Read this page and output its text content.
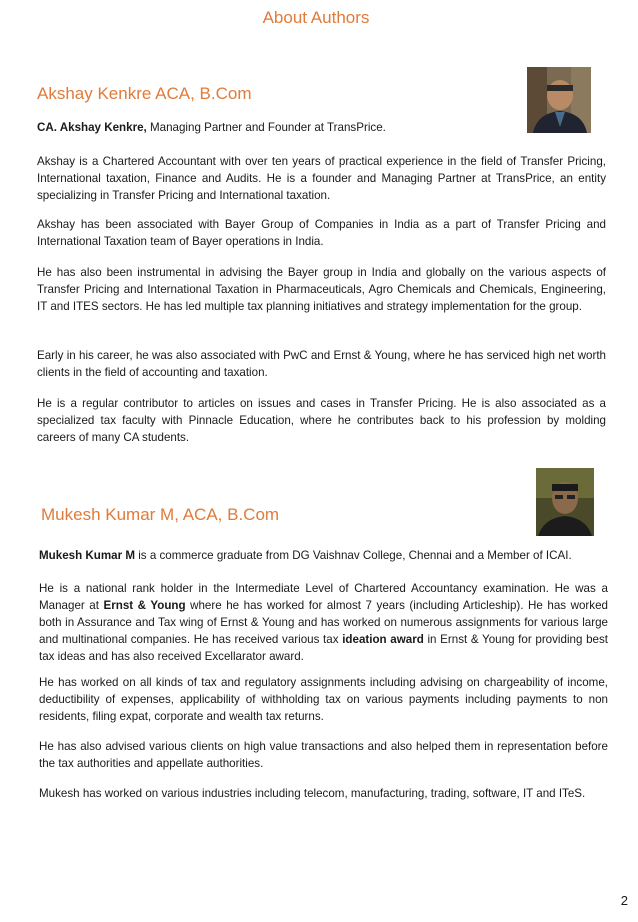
About Authors
Akshay Kenkre ACA, B.Com

CA. Akshay Kenkre, Managing Partner and Founder at TransPrice.

Akshay is a Chartered Accountant with over ten years of practical experience in the field of Transfer Pricing, International taxation, Finance and Audits. He is a founder and Managing Partner at TransPrice, an entity specializing in Transfer Pricing and International taxation.

Akshay has been associated with Bayer Group of Companies in India as a part of Transfer Pricing and International Taxation team of Bayer operations in India.

He has also been instrumental in advising the Bayer group in India and globally on the various aspects of Transfer Pricing and International Taxation in Pharmaceuticals, Agro Chemicals and Chemicals, Engineering, IT and ITES sectors. He has led multiple tax planning initiatives and strategy implementation for the group.

Early in his career, he was also associated with PwC and Ernst & Young, where he has serviced high net worth clients in the field of accounting and taxation.

He is a regular contributor to articles on issues and cases in Transfer Pricing. He is also associated as a specialized tax faculty with Pinnacle Education, where he contributes back to his profession by molding careers of many CA students.

Mukesh Kumar M, ACA, B.Com

Mukesh Kumar M is a commerce graduate from DG Vaishnav College, Chennai and a Member of ICAI.

He is a national rank holder in the Intermediate Level of Chartered Accountancy examination. He was a Manager at Ernst & Young where he has worked for almost 7 years (including Articleship). He has worked both in Assurance and Tax wing of Ernst & Young and has worked on numerous assignments for various large and multinational companies. He has received various tax ideation award in Ernst & Young for providing best tax ideas and has also received Excellarator award.

He has worked on all kinds of tax and regulatory assignments including advising on chargeability of income, deductibility of expenses, applicability of withholding tax on various payments including payments to non residents, filing expat, corporate and wealth tax returns.

He has also advised various clients on high value transactions and also helped them in representation before the tax authorities and appellate authorities.

Mukesh has worked on various industries including telecom, manufacturing, trading, software, IT and ITeS.

2
